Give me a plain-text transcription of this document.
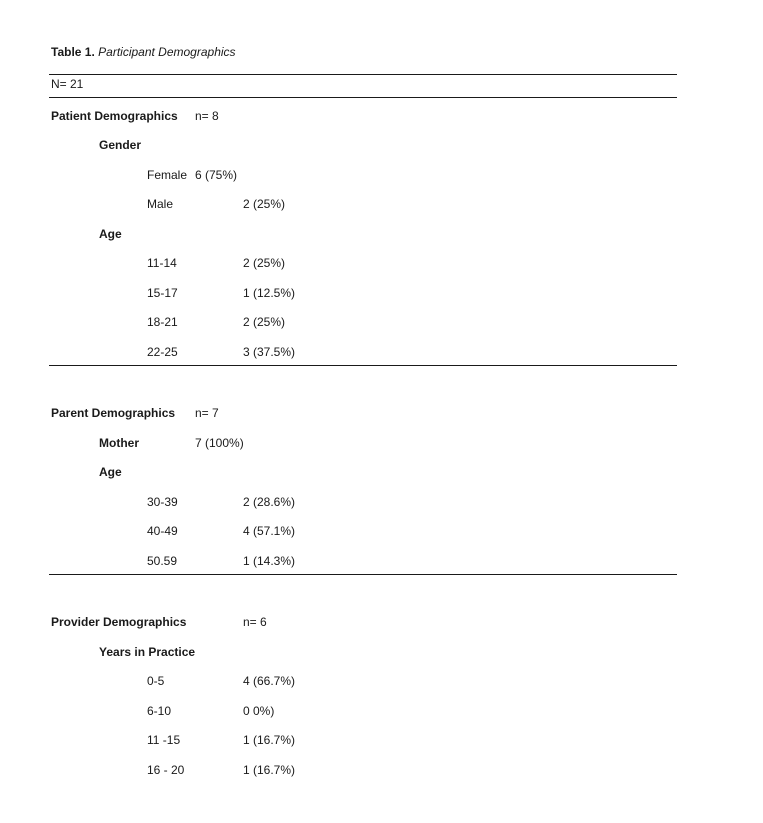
Table 1. Participant Demographics
N= 21
Patient Demographics n= 8
Gender
Female 6 (75%)
Male	2 (25%)
Age
11-14	2 (25%)
15-17	1 (12.5%)
18-21	2 (25%)
22-25	3 (37.5%)
Parent Demographics n= 7
Mother	7 (100%)
Age
30-39	2 (28.6%)
40-49	4 (57.1%)
50.59	1 (14.3%)
Provider Demographics	n= 6
Years in Practice
0-5	4 (66.7%)
6-10	0 0%)
11 -15	1 (16.7%)
16 - 20	1 (16.7%)
